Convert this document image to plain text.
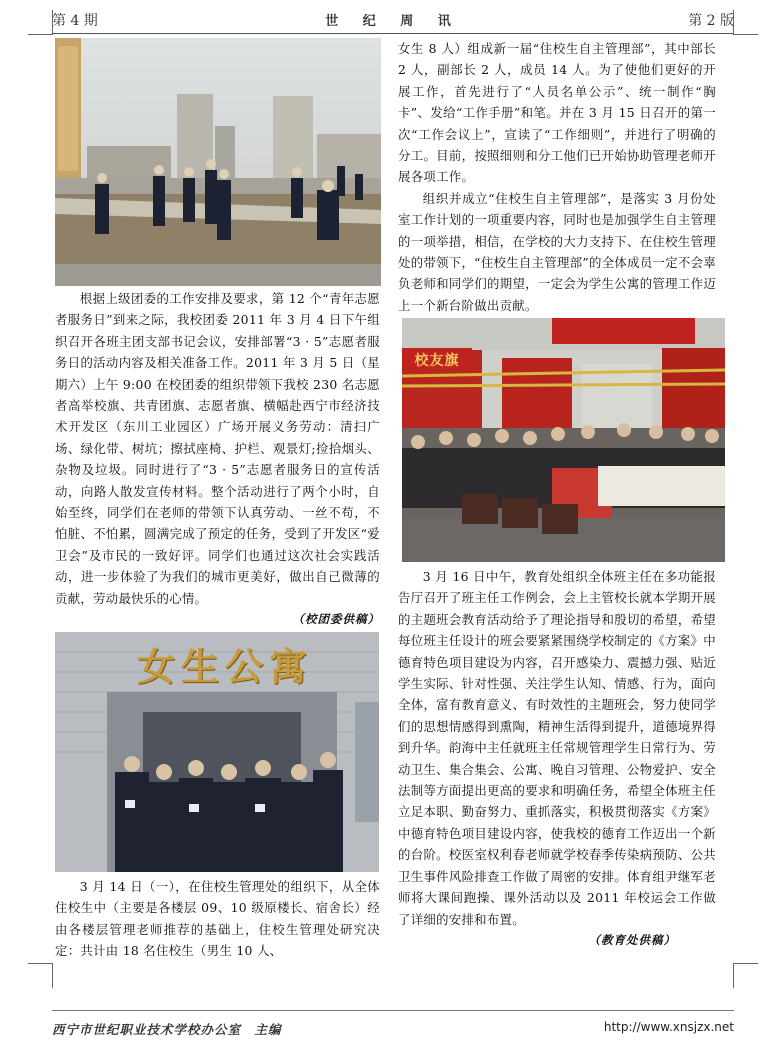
第 4 期	世 纪 周 讯	第 2 版

根据上级团委的工作安排及要求，第 12 个“青年志愿者服务日”到来之际，我校团委 2011 年 3 月 4 日下午组织召开各班主团支部书记会议，安排部署“3 · 5”志愿者服务日的活动内容及相关准备工作。2011 年 3 月 5 日（星期六）上午 9:00 在校团委的组织带领下我校 230 名志愿者高举校旗、共青团旗、志愿者旗、横幅赴西宁市经济技术开发区（东川工业园区）广场开展义务劳动：清扫广场、绿化带、树坑；擦拭座椅、护栏、观景灯;捡拾烟头、杂物及垃圾。同时进行了“3 · 5”志愿者服务日的宣传活动，向路人散发宣传材料。整个活动进行了两个小时，自始至终，同学们在老师的带领下认真劳动、一丝不苟，不怕脏、不怕累，圆满完成了预定的任务，受到了开发区“爱卫会”及市民的一致好评。同学们也通过这次社会实践活动，进一步体验了为我们的城市更美好，做出自己微薄的贡献，劳动最快乐的心情。

（校团委供稿）
女生公寓

3 月 14 日（一），在住校生管理处的组织下，从全体住校生中（主要是各楼层 09、10 级原楼长、宿舍长）经由各楼层管理老师推荐的基础上，住校生管理处研究决定：共计由 18 名住校生（男生 10 人、

女生 8 人）组成新一届“住校生自主管理部”，其中部长 2 人，副部长 2 人，成员 14 人。为了使他们更好的开展工作，首先进行了“人员名单公示”、统一制作“胸卡”、发给“工作手册”和笔。并在 3 月 15 日召开的第一次“工作会议上”，宣读了“工作细则”，并进行了明确的分工。目前，按照细则和分工他们已开始协助管理老师开展各项工作。

组织并成立“住校生自主管理部”，是落实 3 月份处室工作计划的一项重要内容，同时也是加强学生自主管理的一项举措，相信，在学校的大力支持下、在住校生管理处的带领下，“住校生自主管理部”的全体成员一定不会辜负老师和同学们的期望，一定会为学生公寓的管理工作迈上一个新台阶做出贡献。

校友旗

3 月 16 日中午，教育处组织全体班主任在多功能报告厅召开了班主任工作例会，会上主管校长就本学期开展的主题班会教育活动给予了理论指导和殷切的希望，希望每位班主任设计的班会要紧紧围绕学校制定的《方案》中德育特色项目建设为内容，召开感染力、震撼力强、贴近学生实际、针对性强、关注学生认知、情感、行为，面向全体，富有教育意义、有时效性的主题班会，努力使同学们的思想情感得到熏陶，精神生活得到提升，道德境界得到升华。韵海中主任就班主任常规管理学生日常行为、劳动卫生、集合集会、公寓、晚自习管理、公物爱护、安全法制等方面提出更高的要求和明确任务，希望全体班主任立足本职、勤奋努力、重抓落实，积极贯彻落实《方案》中德育特色项目建设内容，使我校的德育工作迈出一个新的台阶。校医室权利春老师就学校春季传染病预防、公共卫生事件风险排查工作做了周密的安排。体育组尹继军老师将大课间跑操、课外活动以及 2011 年校运会工作做了详细的安排和布置。

（教育处供稿）
西宁市世纪职业技术学校办公室　主编	http://www.xnsjzx.net
